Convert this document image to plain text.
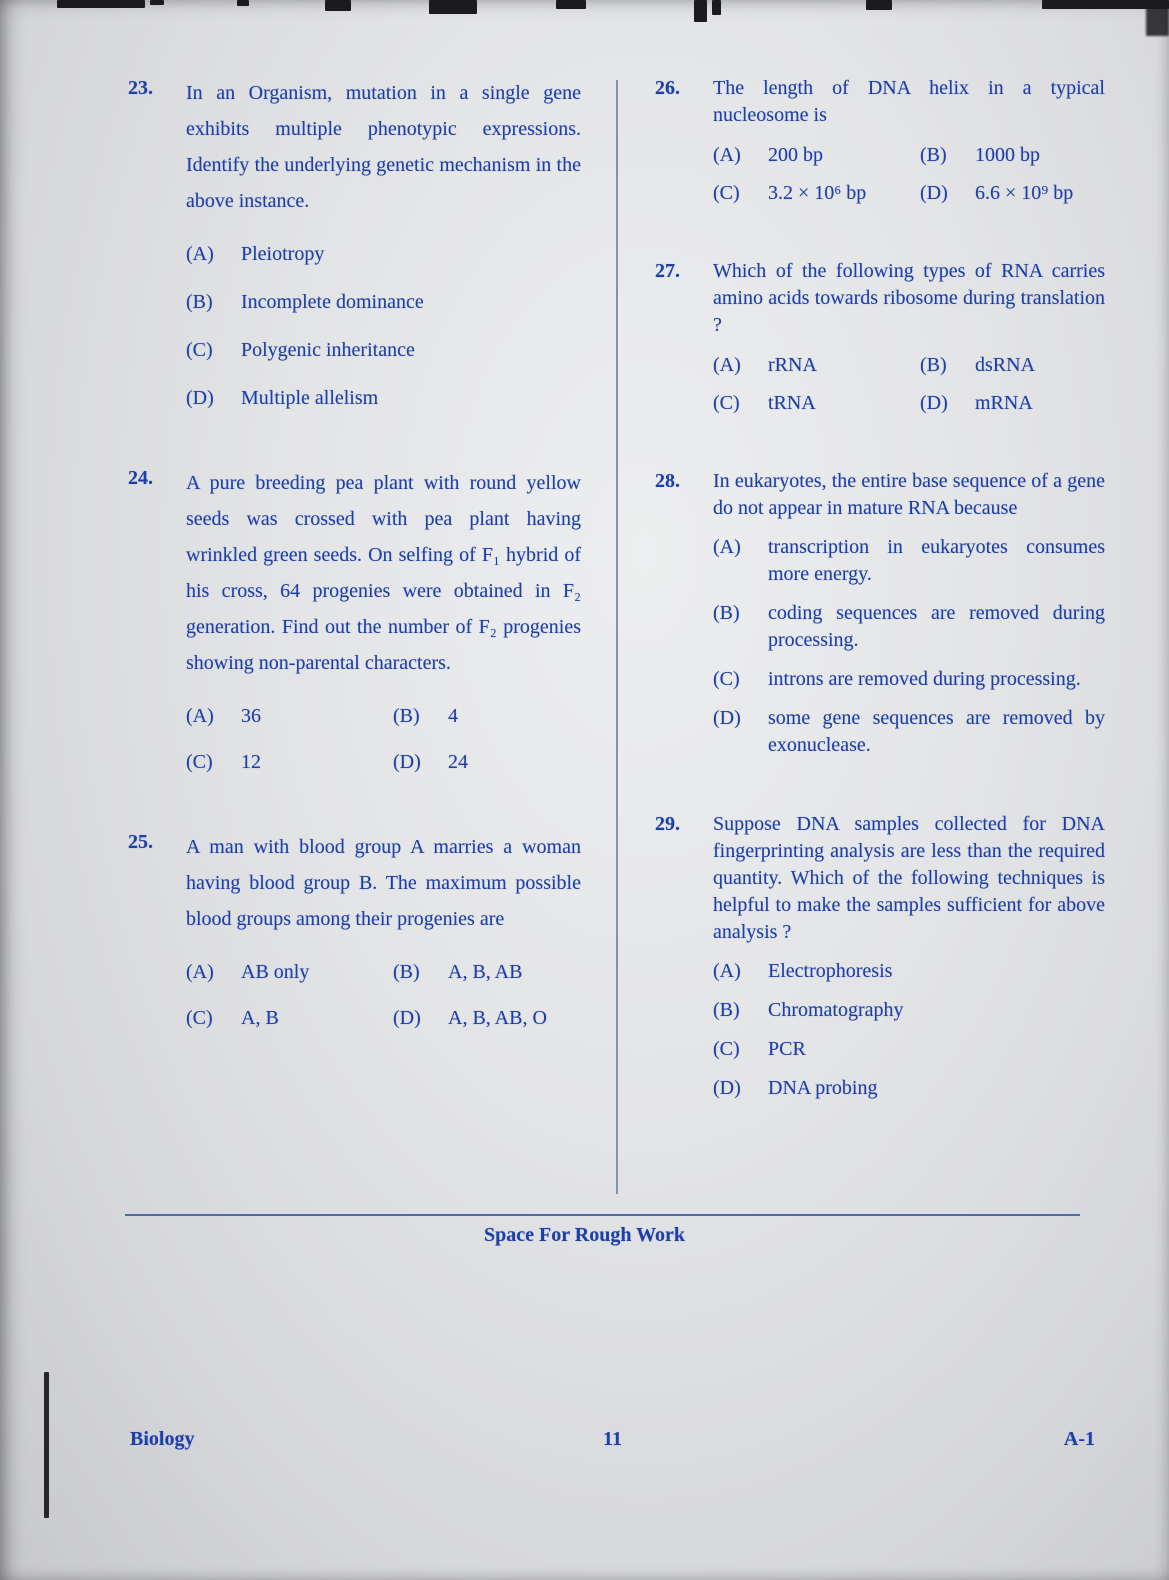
23.	In an Organism, mutation in a single gene exhibits multiple phenotypic expressions. Identify the underlying genetic mechanism in the above instance.

(A)	Pleiotropy
(B)	Incomplete dominance
(C)	Polygenic inheritance
(D)	Multiple allelism
24.	A pure breeding pea plant with round yellow seeds was crossed with pea plant having wrinkled green seeds. On selfing of F₁ hybrid of his cross, 64 progenies were obtained in F₂ generation. Find out the number of F₂ progenies showing non-parental characters.

(A)	36	(B)	4
(C)	12	(D)	24
25.	A man with blood group A marries a woman having blood group B. The maximum possible blood groups among their progenies are

(A)	AB only	(B)	A, B, AB
(C)	A, B	(D)	A, B, AB, O
26.	The length of DNA helix in a typical nucleosome is

(A)	200 bp	(B)	1000 bp
(C)	3.2 × 10⁶ bp	(D)	6.6 × 10⁹ bp
27.	Which of the following types of RNA carries amino acids towards ribosome during translation ?

(A)	rRNA	(B)	dsRNA
(C)	tRNA	(D)	mRNA
28.	In eukaryotes, the entire base sequence of a gene do not appear in mature RNA because

(A)	transcription in eukaryotes consumes more energy.
(B)	coding sequences are removed during processing.
(C)	introns are removed during processing.
(D)	some gene sequences are removed by exonuclease.
29.	Suppose DNA samples collected for DNA fingerprinting analysis are less than the required quantity. Which of the following techniques is helpful to make the samples sufficient for above analysis ?

(A)	Electrophoresis
(B)	Chromatography
(C)	PCR
(D)	DNA probing
Space For Rough Work
Biology	11	A-1
